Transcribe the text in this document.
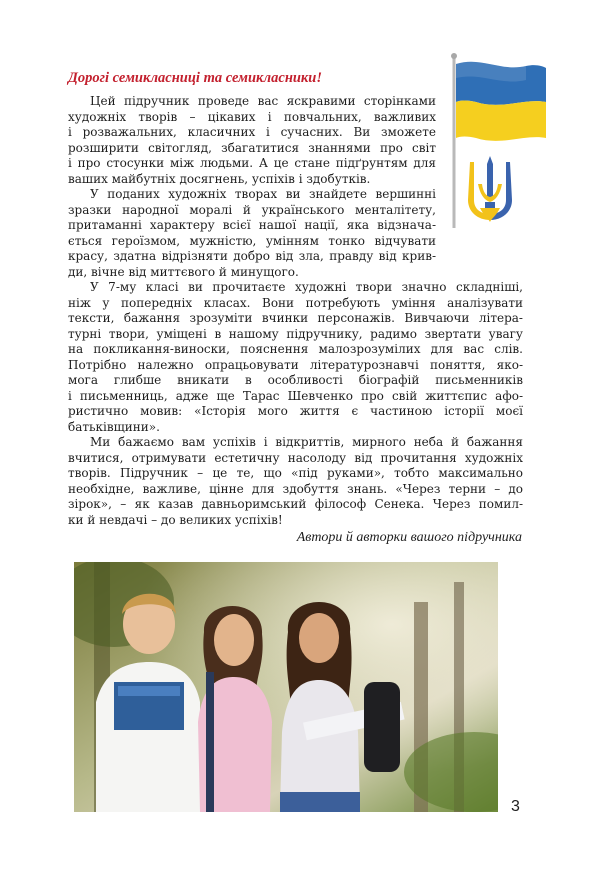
Дорогі семикласниці та семикласники!
Цей підручник проведе вас яскравими сторінками
художніх творів – цікавих і повчальних, важливих
і розважальних, класичних і сучасних. Ви зможете
розширити світогляд, збагатитися знаннями про світ
і про стосунки між людьми. А це стане підґрунтям для
ваших майбутніх досягнень, успіхів і здобутків.
У поданих художніх творах ви знайдете вершинні
зразки народної моралі й українського менталітету,
притаманні характеру всієї нашої нації, яка відзнача-
ється героїзмом, мужністю, умінням тонко відчувати
красу, здатна відрізняти добро від зла, правду від крив-
ди, вічне від миттєвого й минущого.
У 7-му класі ви прочитаєте художні твори значно складніші,
ніж у попередніх класах. Вони потребують уміння аналізувати
тексти, бажання зрозуміти вчинки персонажів. Вивчаючи літера-
турні твори, уміщені в нашому підручнику, радимо звертати увагу
на покликання-виноски, пояснення малозрозумілих для вас слів.
Потрібно належно опрацьовувати літературознавчі поняття, яко-
мога глибше вникати в особливості біографій письменників
і письменниць, адже ще Тарас Шевченко про свій життєпис афо-
ристично мовив: «Історія мого життя є частиною історії моєї
батьківщини».
Ми бажаємо вам успіхів і відкриттів, мирного неба й бажання
вчитися, отримувати естетичну насолоду від прочитання художніх
творів. Підручник – це те, що «під руками», тобто максимально
необхідне, важливе, цінне для здобуття знань. «Через терни – до
зірок», – як казав давньоримський філософ Сенека. Через помил-
ки й невдачі – до великих успіхів!
Автори й авторки вашого підручника
3
